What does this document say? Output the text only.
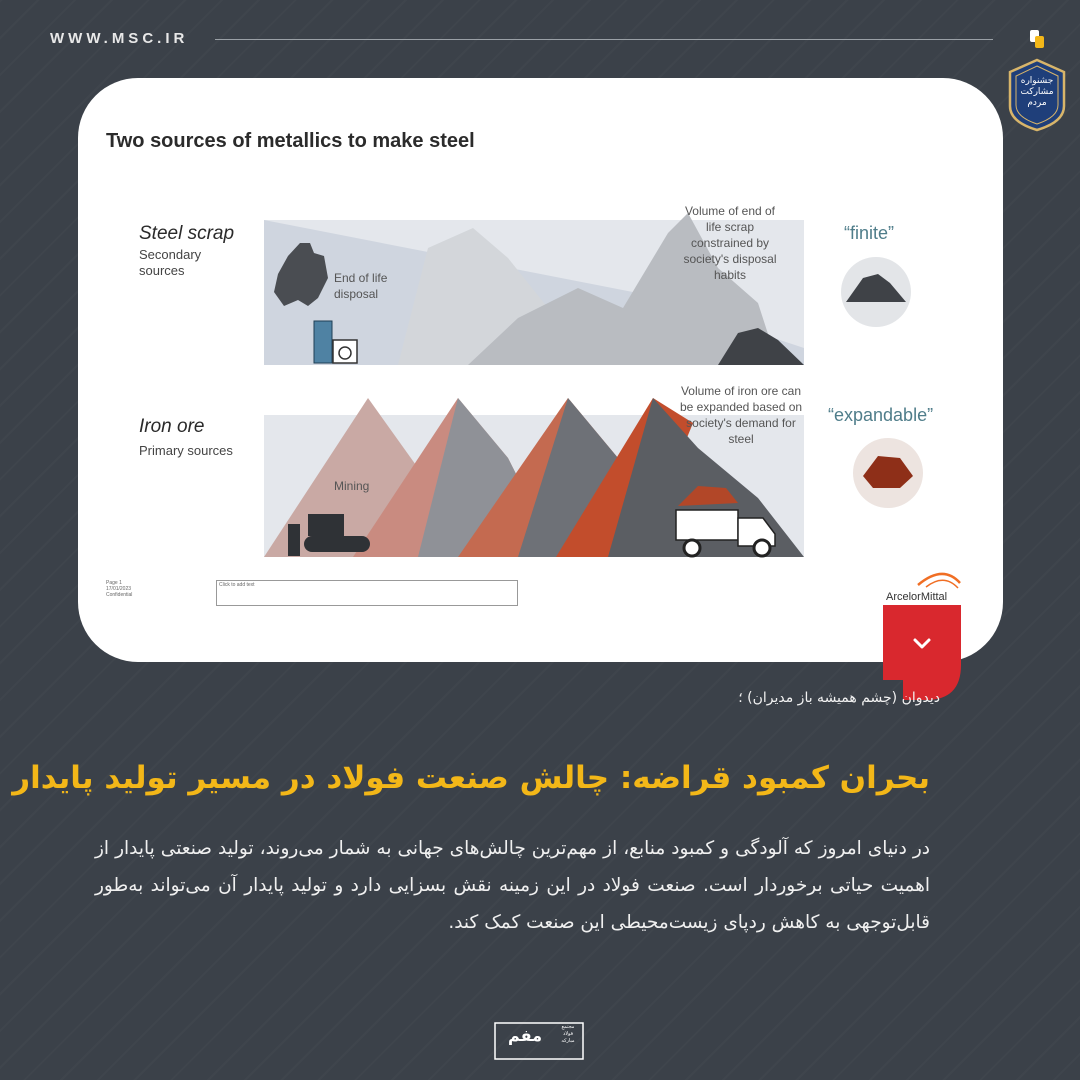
WWW.MSC.IR
جشنواره مشارکت مردم
Two sources of metallics to make steel
Steel scrap
Secondary sources	End of life disposal
Volume of end of life scrap constrained by society's disposal habits
“finite”
Iron ore
Primary sources
Mining
Volume of iron ore can be expanded based on society's demand for steel
“expandable”
Page 1
17/01/2023
Confidential
Click to add text
ArcelorMittal
دیدوان (چشم همیشه باز مدیران) ؛
بحران کمبود قراضه: چالش صنعت فولاد در مسیر تولید پایدار
در دنیای امروز که آلودگی و کمبود منابع، از مهم‌ترین چالش‌های جهانی به شمار می‌روند، تولید صنعتی پایدار از اهمیت حیاتی برخوردار است. صنعت فولاد در این زمینه نقش بسزایی دارد و تولید پایدار آن می‌تواند به‌طور قابل‌توجهی به کاهش ردپای زیست‌محیطی این صنعت کمک کند.
مفم	مجتمع فولاد مبارکه
